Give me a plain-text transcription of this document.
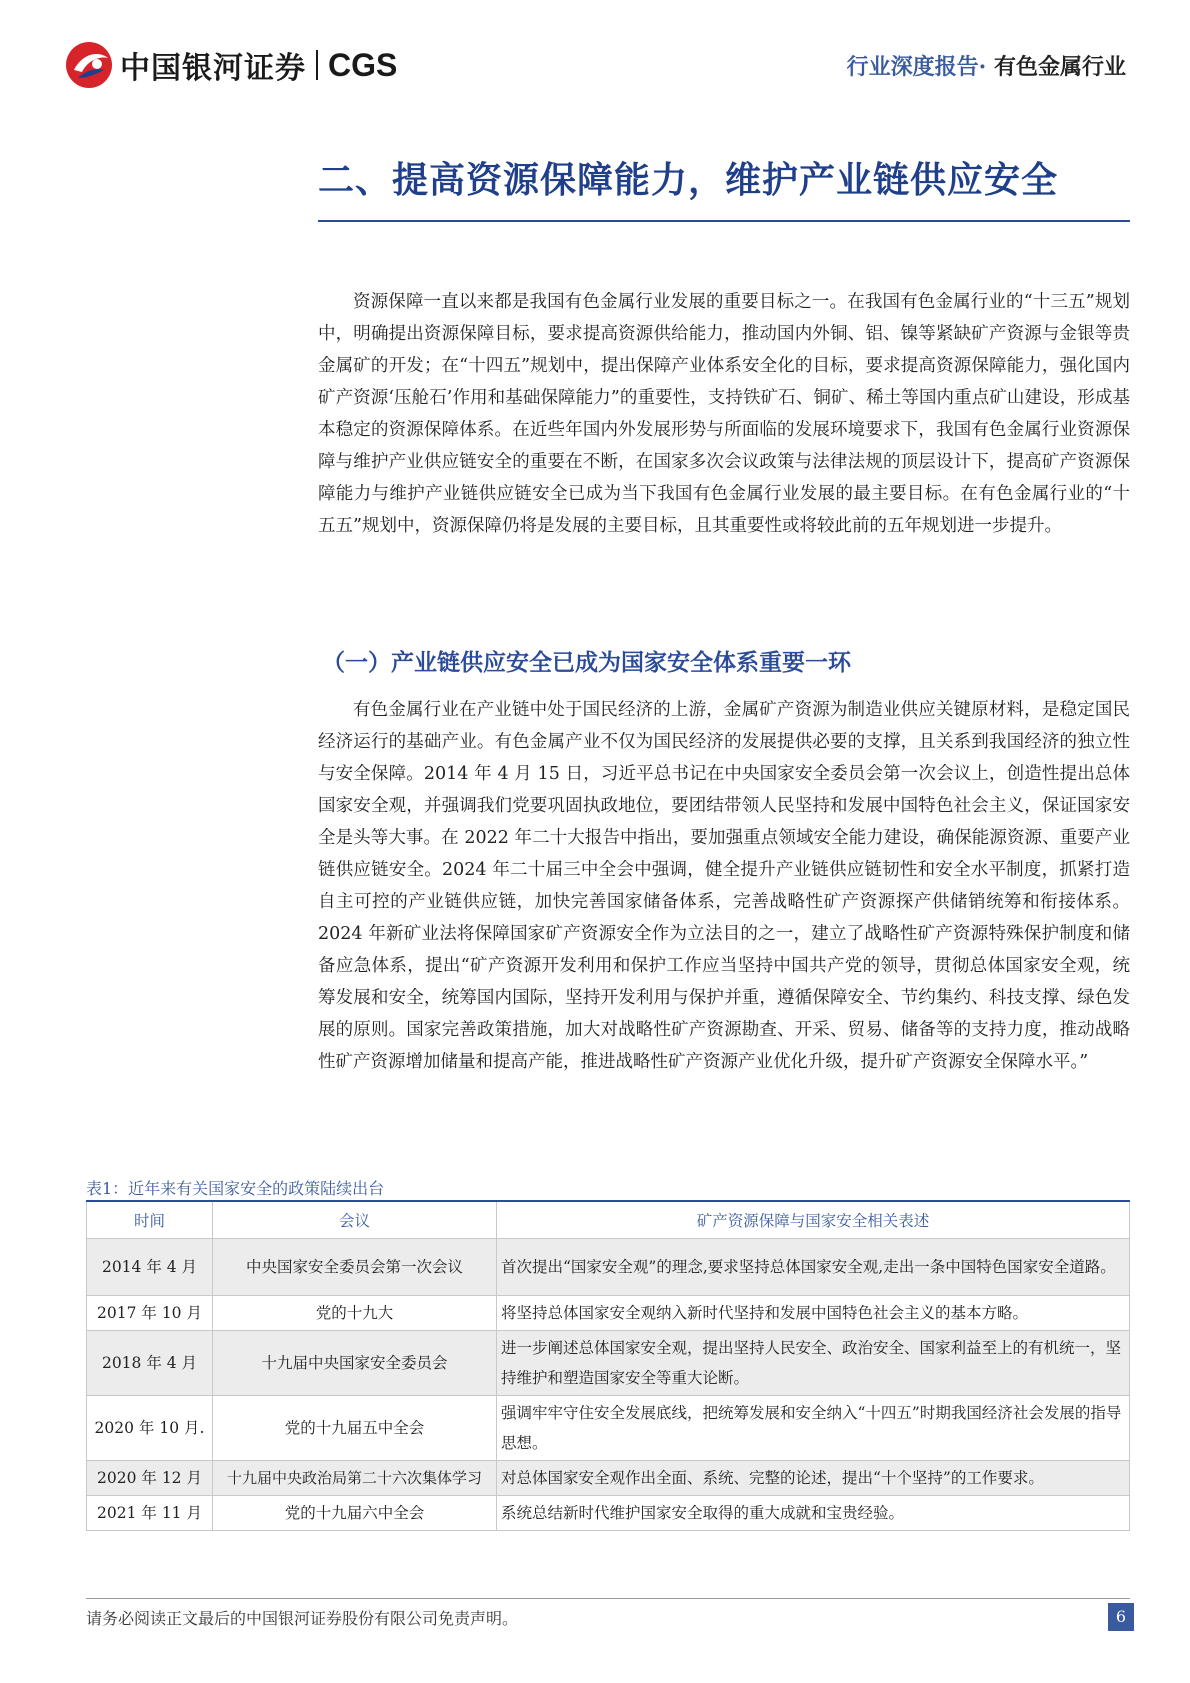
中国银河证券 CGS	行业深度报告· 有色金属行业
二、提高资源保障能力，维护产业链供应安全

资源保障一直以来都是我国有色金属行业发展的重要目标之一。在我国有色金属行业的“十三五”规划中，明确提出资源保障目标，要求提高资源供给能力，推动国内外铜、铝、镍等紧缺矿产资源与金银等贵金属矿的开发；在“十四五”规划中，提出保障产业体系安全化的目标，要求提高资源保障能力，强化国内矿产资源‘压舱石’作用和基础保障能力”的重要性，支持铁矿石、铜矿、稀土等国内重点矿山建设，形成基本稳定的资源保障体系。在近些年国内外发展形势与所面临的发展环境要求下，我国有色金属行业资源保障与维护产业供应链安全的重要在不断，在国家多次会议政策与法律法规的顶层设计下，提高矿产资源保障能力与维护产业链供应链安全已成为当下我国有色金属行业发展的最主要目标。在有色金属行业的“十五五”规划中，资源保障仍将是发展的主要目标，且其重要性或将较此前的五年规划进一步提升。

（一）产业链供应安全已成为国家安全体系重要一环

有色金属行业在产业链中处于国民经济的上游，金属矿产资源为制造业供应关键原材料，是稳定国民经济运行的基础产业。有色金属产业不仅为国民经济的发展提供必要的支撑，且关系到我国经济的独立性与安全保障。2014 年 4 月 15 日，习近平总书记在中央国家安全委员会第一次会议上，创造性提出总体国家安全观，并强调我们党要巩固执政地位，要团结带领人民坚持和发展中国特色社会主义，保证国家安全是头等大事。在 2022 年二十大报告中指出，要加强重点领域安全能力建设，确保能源资源、重要产业链供应链安全。2024 年二十届三中全会中强调，健全提升产业链供应链韧性和安全水平制度，抓紧打造自主可控的产业链供应链，加快完善国家储备体系，完善战略性矿产资源探产供储销统筹和衔接体系。2024 年新矿业法将保障国家矿产资源安全作为立法目的之一，建立了战略性矿产资源特殊保护制度和储备应急体系，提出“矿产资源开发利用和保护工作应当坚持中国共产党的领导，贯彻总体国家安全观，统筹发展和安全，统筹国内国际，坚持开发利用与保护并重，遵循保障安全、节约集约、科技支撑、绿色发展的原则。国家完善政策措施，加大对战略性矿产资源勘查、开采、贸易、储备等的支持力度，推动战略性矿产资源增加储量和提高产能，推进战略性矿产资源产业优化升级，提升矿产资源安全保障水平。”

表1：近年来有关国家安全的政策陆续出台
时间	会议	矿产资源保障与国家安全相关表述
2014 年 4 月	中央国家安全委员会第一次会议	首次提出“国家安全观”的理念,要求坚持总体国家安全观,走出一条中国特色国家安全道路。
2017 年 10 月	党的十九大	将坚持总体国家安全观纳入新时代坚持和发展中国特色社会主义的基本方略。
2018 年 4 月	十九届中央国家安全委员会	进一步阐述总体国家安全观，提出坚持人民安全、政治安全、国家利益至上的有机统一，坚持维护和塑造国家安全等重大论断。
2020 年 10 月.	党的十九届五中全会	强调牢牢守住安全发展底线，把统筹发展和安全纳入“十四五”时期我国经济社会发展的指导思想。
2020 年 12 月	十九届中央政治局第二十六次集体学习	对总体国家安全观作出全面、系统、完整的论述，提出“十个坚持”的工作要求。
2021 年 11 月	党的十九届六中全会	系统总结新时代维护国家安全取得的重大成就和宝贵经验。
请务必阅读正文最后的中国银河证券股份有限公司免责声明。	6
